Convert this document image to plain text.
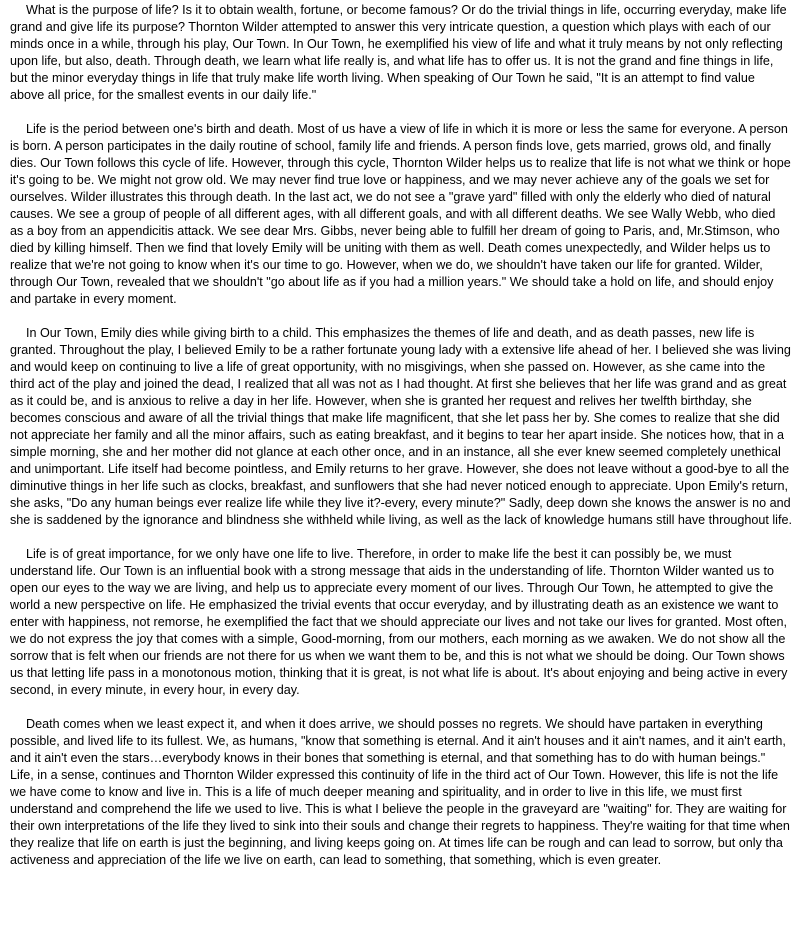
What is the purpose of life? Is it to obtain wealth, fortune, or become famous? Or do the trivial things in life, occurring everyday, make life grand and give life its purpose? Thornton Wilder attempted to answer this very intricate question, a question which plays with each of our minds once in a while, through his play, Our Town. In Our Town, he exemplified his view of life and what it truly means by not only reflecting upon life, but also, death. Through death, we learn what life really is, and what life has to offer us. It is not the grand and fine things in life, but the minor everyday things in life that truly make life worth living. When speaking of Our Town he said, "It is an attempt to find value above all price, for the smallest events in our daily life."

Life is the period between one's birth and death. Most of us have a view of life in which it is more or less the same for everyone. A person is born. A person participates in the daily routine of school, family life and friends. A person finds love, gets married, grows old, and finally dies. Our Town follows this cycle of life. However, through this cycle, Thornton Wilder helps us to realize that life is not what we think or hope it's going to be. We might not grow old. We may never find true love or happiness, and we may never achieve any of the goals we set for ourselves. Wilder illustrates this through death. In the last act, we do not see a "grave yard" filled with only the elderly who died of natural causes. We see a group of people of all different ages, with all different goals, and with all different deaths. We see Wally Webb, who died as a boy from an appendicitis attack. We see dear Mrs. Gibbs, never being able to fulfill her dream of going to Paris, and, Mr.Stimson, who died by killing himself. Then we find that lovely Emily will be uniting with them as well. Death comes unexpectedly, and Wilder helps us to realize that we're not going to know when it's our time to go. However, when we do, we shouldn't have taken our life for granted. Wilder, through Our Town, revealed that we shouldn't "go about life as if you had a million years." We should take a hold on life, and should enjoy and partake in every moment.

In Our Town, Emily dies while giving birth to a child. This emphasizes the themes of life and death, and as death passes, new life is granted. Throughout the play, I believed Emily to be a rather fortunate young lady with a extensive life ahead of her. I believed she was living and would keep on continuing to live a life of great opportunity, with no misgivings, when she passed on. However, as she came into the third act of the play and joined the dead, I realized that all was not as I had thought. At first she believes that her life was grand and as great as it could be, and is anxious to relive a day in her life. However, when she is granted her request and relives her twelfth birthday, she becomes conscious and aware of all the trivial things that make life magnificent, that she let pass her by. She comes to realize that she did not appreciate her family and all the minor affairs, such as eating breakfast, and it begins to tear her apart inside. She notices how, that in a simple morning, she and her mother did not glance at each other once, and in an instance, all she ever knew seemed completely unethical and unimportant. Life itself had become pointless, and Emily returns to her grave. However, she does not leave without a good-bye to all the diminutive things in her life such as clocks, breakfast, and sunflowers that she had never noticed enough to appreciate. Upon Emily's return, she asks, "Do any human beings ever realize life while they live it?-every, every minute?" Sadly, deep down she knows the answer is no and she is saddened by the ignorance and blindness she withheld while living, as well as the lack of knowledge humans still have throughout life.

Life is of great importance, for we only have one life to live. Therefore, in order to make life the best it can possibly be, we must understand life. Our Town is an influential book with a strong message that aids in the understanding of life. Thornton Wilder wanted us to open our eyes to the way we are living, and help us to appreciate every moment of our lives. Through Our Town, he attempted to give the world a new perspective on life. He emphasized the trivial events that occur everyday, and by illustrating death as an existence we want to enter with happiness, not remorse, he exemplified the fact that we should appreciate our lives and not take our lives for granted. Most often, we do not express the joy that comes with a simple, Good-morning, from our mothers, each morning as we awaken. We do not show all the sorrow that is felt when our friends are not there for us when we want them to be, and this is not what we should be doing. Our Town shows us that letting life pass in a monotonous motion, thinking that it is great, is not what life is about. It's about enjoying and being active in every second, in every minute, in every hour, in every day.

Death comes when we least expect it, and when it does arrive, we should posses no regrets. We should have partaken in everything possible, and lived life to its fullest. We, as humans, "know that something is eternal. And it ain't houses and it ain't names, and it ain't earth, and it ain't even the stars…everybody knows in their bones that something is eternal, and that something has to do with human beings." Life, in a sense, continues and Thornton Wilder expressed this continuity of life in the third act of Our Town. However, this life is not the life we have come to know and live in. This is a life of much deeper meaning and spirituality, and in order to live in this life, we must first understand and comprehend the life we used to live. This is what I believe the people in the graveyard are "waiting" for. They are waiting for their own interpretations of the life they lived to sink into their souls and change their regrets to happiness. They're waiting for that time when they realize that life on earth is just the beginning, and living keeps going on. At times life can be rough and can lead to sorrow, but only tha activeness and appreciation of the life we live on earth, can lead to something, that something, which is even greater.
